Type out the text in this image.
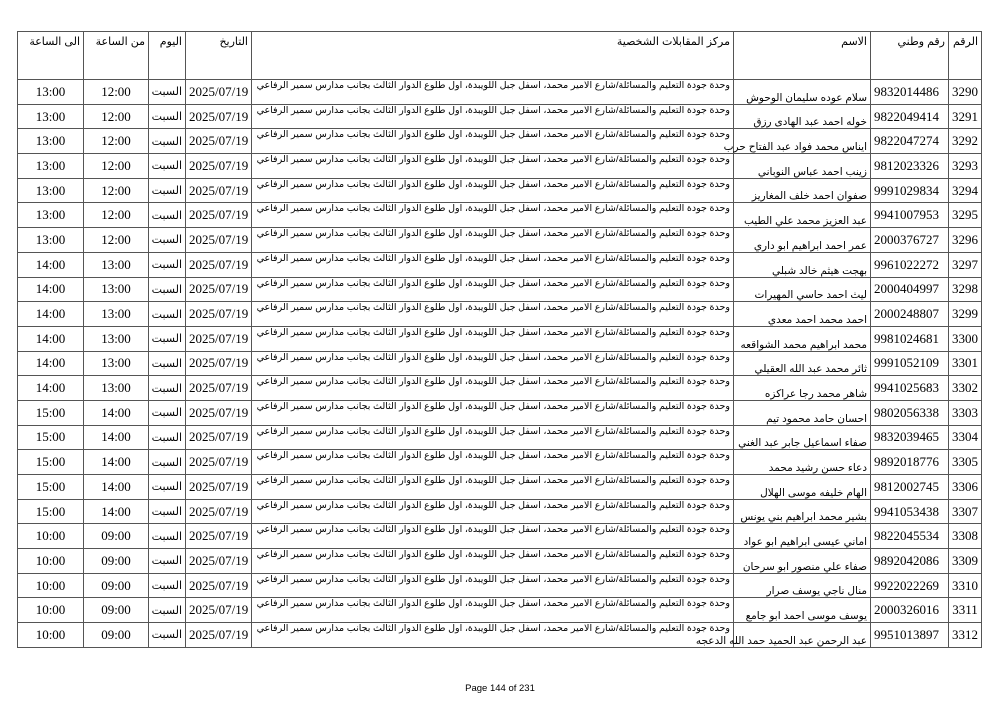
الرقم	رقم وطني	الاسم	مركز المقابلات الشخصية	التاريخ	اليوم	من الساعة	الى الساعة
3290	9832014486	سلام عوده سليمان الوحوش	وحدة جودة التعليم والمسائلة/شارع الامير محمد، اسفل جبل اللويبدة، اول طلوع الدوار الثالث بجانب مدارس سمير الرفاعي	2025/07/19	السبت	12:00	13:00
3291	9822049414	خوله احمد عبد الهادى رزق	وحدة جودة التعليم والمسائلة/شارع الامير محمد، اسفل جبل اللويبدة، اول طلوع الدوار الثالث بجانب مدارس سمير الرفاعي	2025/07/19	السبت	12:00	13:00
3292	9822047274	ايناس محمد فواد عبد الفتاح حرب	وحدة جودة التعليم والمسائلة/شارع الامير محمد، اسفل جبل اللويبدة، اول طلوع الدوار الثالث بجانب مدارس سمير الرفاعي	2025/07/19	السبت	12:00	13:00
3293	9812023326	زينب احمد عباس النوباني	وحدة جودة التعليم والمسائلة/شارع الامير محمد، اسفل جبل اللويبدة، اول طلوع الدوار الثالث بجانب مدارس سمير الرفاعي	2025/07/19	السبت	12:00	13:00
3294	9991029834	صفوان احمد خلف المغاريز	وحدة جودة التعليم والمسائلة/شارع الامير محمد، اسفل جبل اللويبدة، اول طلوع الدوار الثالث بجانب مدارس سمير الرفاعي	2025/07/19	السبت	12:00	13:00
3295	9941007953	عبد العزيز محمد علي الطيب	وحدة جودة التعليم والمسائلة/شارع الامير محمد، اسفل جبل اللويبدة، اول طلوع الدوار الثالث بجانب مدارس سمير الرفاعي	2025/07/19	السبت	12:00	13:00
3296	2000376727	عمر احمد ابراهيم ابو داري	وحدة جودة التعليم والمسائلة/شارع الامير محمد، اسفل جبل اللويبدة، اول طلوع الدوار الثالث بجانب مدارس سمير الرفاعي	2025/07/19	السبت	12:00	13:00
3297	9961022272	بهجت هيثم خالد شبلي	وحدة جودة التعليم والمسائلة/شارع الامير محمد، اسفل جبل اللويبدة، اول طلوع الدوار الثالث بجانب مدارس سمير الرفاعي	2025/07/19	السبت	13:00	14:00
3298	2000404997	ليث احمد حاسي المهيرات	وحدة جودة التعليم والمسائلة/شارع الامير محمد، اسفل جبل اللويبدة، اول طلوع الدوار الثالث بجانب مدارس سمير الرفاعي	2025/07/19	السبت	13:00	14:00
3299	2000248807	احمد محمد احمد معدي	وحدة جودة التعليم والمسائلة/شارع الامير محمد، اسفل جبل اللويبدة، اول طلوع الدوار الثالث بجانب مدارس سمير الرفاعي	2025/07/19	السبت	13:00	14:00
3300	9981024681	محمد ابراهيم محمد الشواقعه	وحدة جودة التعليم والمسائلة/شارع الامير محمد، اسفل جبل اللويبدة، اول طلوع الدوار الثالث بجانب مدارس سمير الرفاعي	2025/07/19	السبت	13:00	14:00
3301	9991052109	ثائر محمد عبد الله العقيلي	وحدة جودة التعليم والمسائلة/شارع الامير محمد، اسفل جبل اللويبدة، اول طلوع الدوار الثالث بجانب مدارس سمير الرفاعي	2025/07/19	السبت	13:00	14:00
3302	9941025683	شاهر محمد رجا عراكزه	وحدة جودة التعليم والمسائلة/شارع الامير محمد، اسفل جبل اللويبدة، اول طلوع الدوار الثالث بجانب مدارس سمير الرفاعي	2025/07/19	السبت	13:00	14:00
3303	9802056338	احسان حامد محمود تيم	وحدة جودة التعليم والمسائلة/شارع الامير محمد، اسفل جبل اللويبدة، اول طلوع الدوار الثالث بجانب مدارس سمير الرفاعي	2025/07/19	السبت	14:00	15:00
3304	9832039465	صفاء اسماعيل جابر عبد الغني	وحدة جودة التعليم والمسائلة/شارع الامير محمد، اسفل جبل اللويبدة، اول طلوع الدوار الثالث بجانب مدارس سمير الرفاعي	2025/07/19	السبت	14:00	15:00
3305	9892018776	دعاء حسن رشيد محمد	وحدة جودة التعليم والمسائلة/شارع الامير محمد، اسفل جبل اللويبدة، اول طلوع الدوار الثالث بجانب مدارس سمير الرفاعي	2025/07/19	السبت	14:00	15:00
3306	9812002745	الهام خليفه موسى الهلال	وحدة جودة التعليم والمسائلة/شارع الامير محمد، اسفل جبل اللويبدة، اول طلوع الدوار الثالث بجانب مدارس سمير الرفاعي	2025/07/19	السبت	14:00	15:00
3307	9941053438	بشير محمد ابراهيم بني يونس	وحدة جودة التعليم والمسائلة/شارع الامير محمد، اسفل جبل اللويبدة، اول طلوع الدوار الثالث بجانب مدارس سمير الرفاعي	2025/07/19	السبت	14:00	15:00
3308	9822045534	اماني عيسى ابراهيم ابو عواد	وحدة جودة التعليم والمسائلة/شارع الامير محمد، اسفل جبل اللويبدة، اول طلوع الدوار الثالث بجانب مدارس سمير الرفاعي	2025/07/19	السبت	09:00	10:00
3309	9892042086	صفاء علي منصور ابو سرحان	وحدة جودة التعليم والمسائلة/شارع الامير محمد، اسفل جبل اللويبدة، اول طلوع الدوار الثالث بجانب مدارس سمير الرفاعي	2025/07/19	السبت	09:00	10:00
3310	9922022269	منال ناجي يوسف صرار	وحدة جودة التعليم والمسائلة/شارع الامير محمد، اسفل جبل اللويبدة، اول طلوع الدوار الثالث بجانب مدارس سمير الرفاعي	2025/07/19	السبت	09:00	10:00
3311	2000326016	يوسف موسى احمد ابو جامع	وحدة جودة التعليم والمسائلة/شارع الامير محمد، اسفل جبل اللويبدة، اول طلوع الدوار الثالث بجانب مدارس سمير الرفاعي	2025/07/19	السبت	09:00	10:00
3312	9951013897	عبد الرحمن عبد الحميد حمد الله الدعجه	وحدة جودة التعليم والمسائلة/شارع الامير محمد، اسفل جبل اللويبدة، اول طلوع الدوار الثالث بجانب مدارس سمير الرفاعي	2025/07/19	السبت	09:00	10:00
Page 144 of 231
